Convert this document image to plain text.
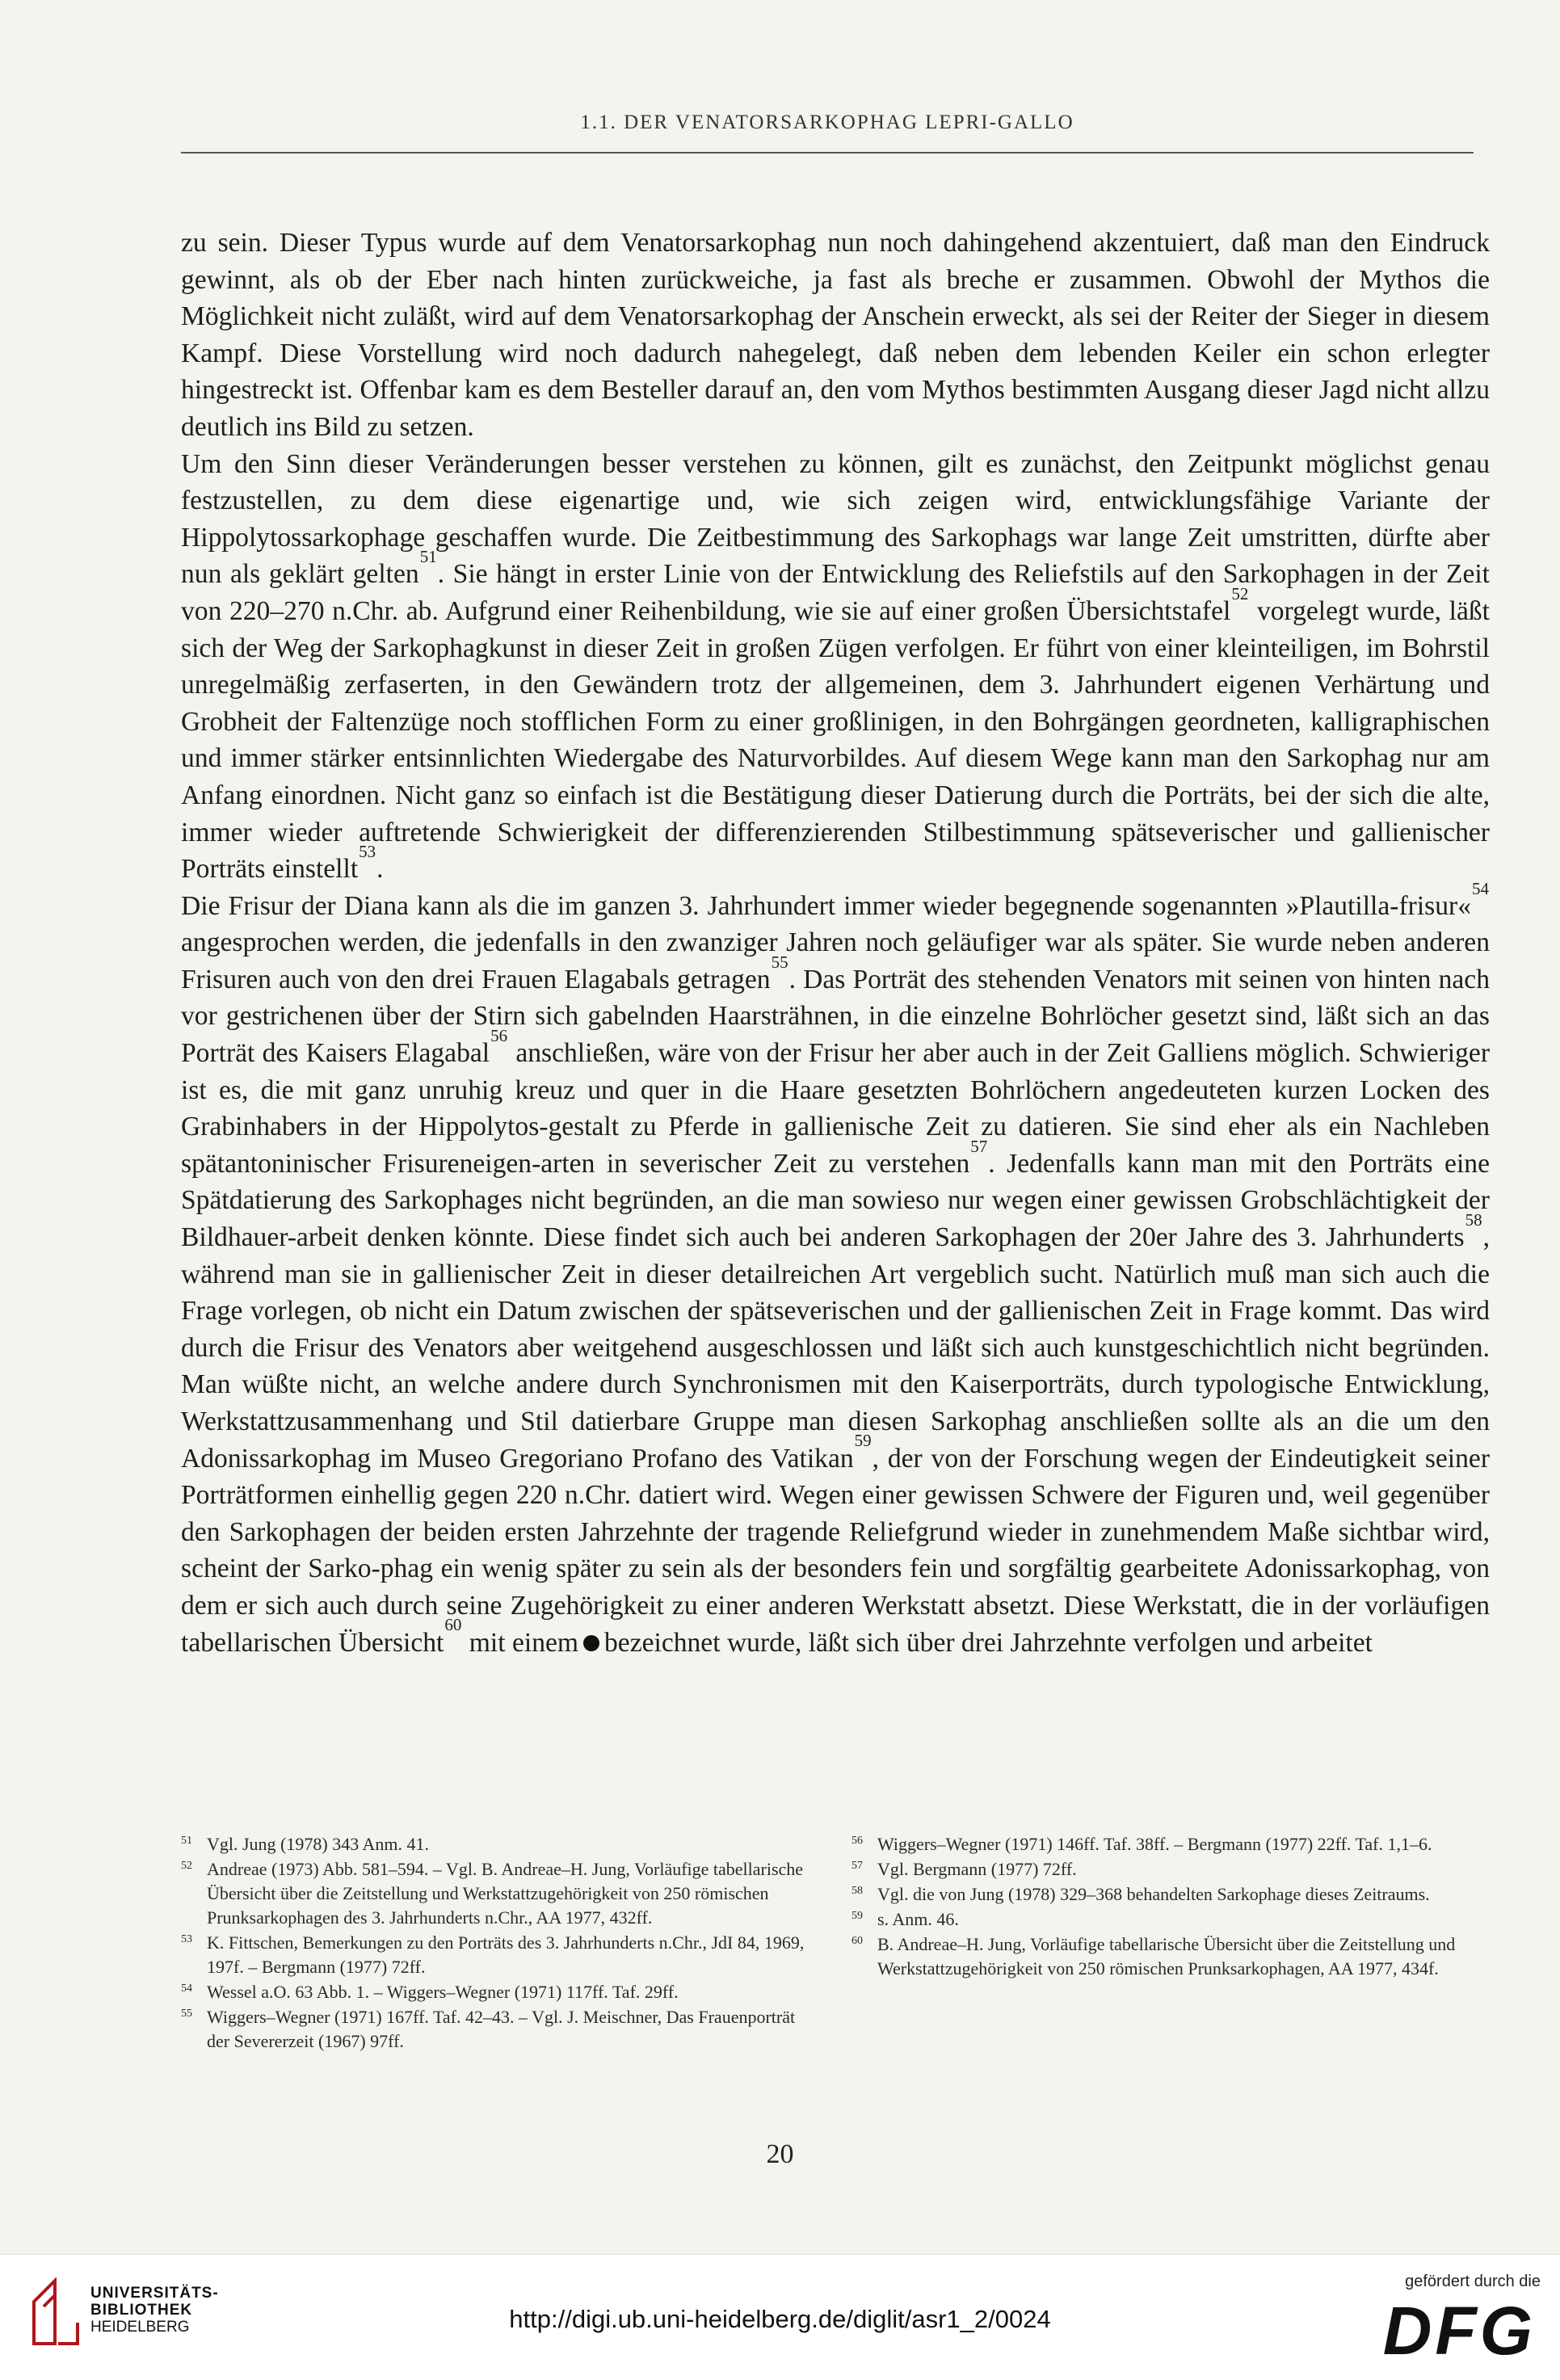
1.1. DER VENATORSARKOPHAG LEPRI-GALLO

zu sein. Dieser Typus wurde auf dem Venatorsarkophag nun noch dahingehend akzentuiert, daß man den Eindruck gewinnt, als ob der Eber nach hinten zurückweiche, ja fast als breche er zusammen. Obwohl der Mythos die Möglichkeit nicht zuläßt, wird auf dem Venatorsarkophag der Anschein erweckt, als sei der Reiter der Sieger in diesem Kampf. Diese Vorstellung wird noch dadurch nahegelegt, daß neben dem lebenden Keiler ein schon erlegter hingestreckt ist. Offenbar kam es dem Besteller darauf an, den vom Mythos bestimmten Ausgang dieser Jagd nicht allzu deutlich ins Bild zu setzen.

Um den Sinn dieser Veränderungen besser verstehen zu können, gilt es zunächst, den Zeitpunkt möglichst genau festzustellen, zu dem diese eigenartige und, wie sich zeigen wird, entwicklungsfähige Variante der Hippolytossarkophage geschaffen wurde. Die Zeitbestimmung des Sarkophags war lange Zeit umstritten, dürfte aber nun als geklärt gelten$^{51}$. Sie hängt in erster Linie von der Entwicklung des Reliefstils auf den Sarkophagen in der Zeit von 220–270 n.Chr. ab. Aufgrund einer Reihenbildung, wie sie auf einer großen Übersichtstafel$^{52}$ vorgelegt wurde, läßt sich der Weg der Sarkophagkunst in dieser Zeit in großen Zügen verfolgen. Er führt von einer kleinteiligen, im Bohrstil unregelmäßig zerfaserten, in den Gewändern trotz der allgemeinen, dem 3. Jahrhundert eigenen Verhärtung und Grobheit der Faltenzüge noch stofflichen Form zu einer großlinigen, in den Bohrgängen geordneten, kalligraphischen und immer stärker entsinnlichten Wiedergabe des Naturvorbildes. Auf diesem Wege kann man den Sarkophag nur am Anfang einordnen. Nicht ganz so einfach ist die Bestätigung dieser Datierung durch die Porträts, bei der sich die alte, immer wieder auftretende Schwierigkeit der differenzierenden Stilbestimmung spätseverischer und gallienischer Porträts einstellt$^{53}$.

Die Frisur der Diana kann als die im ganzen 3. Jahrhundert immer wieder begegnende sogenannten »Plautilla-frisur«$^{54}$ angesprochen werden, die jedenfalls in den zwanziger Jahren noch geläufiger war als später. Sie wurde neben anderen Frisuren auch von den drei Frauen Elagabals getragen$^{55}$. Das Porträt des stehenden Venators mit seinen von hinten nach vor gestrichenen über der Stirn sich gabelnden Haarsträhnen, in die einzelne Bohrlöcher gesetzt sind, läßt sich an das Porträt des Kaisers Elagabal$^{56}$ anschließen, wäre von der Frisur her aber auch in der Zeit Galliens möglich. Schwieriger ist es, die mit ganz unruhig kreuz und quer in die Haare gesetzten Bohrlöchern angedeuteten kurzen Locken des Grabinhabers in der Hippolytos-gestalt zu Pferde in gallienische Zeit zu datieren. Sie sind eher als ein Nachleben spätantoninischer Frisureneigen-arten in severischer Zeit zu verstehen$^{57}$. Jedenfalls kann man mit den Porträts eine Spätdatierung des Sarkophages nicht begründen, an die man sowieso nur wegen einer gewissen Grobschlächtigkeit der Bildhauer-arbeit denken könnte. Diese findet sich auch bei anderen Sarkophagen der 20er Jahre des 3. Jahrhunderts$^{58}$, während man sie in gallienischer Zeit in dieser detailreichen Art vergeblich sucht. Natürlich muß man sich auch die Frage vorlegen, ob nicht ein Datum zwischen der spätseverischen und der gallienischen Zeit in Frage kommt. Das wird durch die Frisur des Venators aber weitgehend ausgeschlossen und läßt sich auch kunstgeschichtlich nicht begründen. Man wüßte nicht, an welche andere durch Synchronismen mit den Kaiserporträts, durch typologische Entwicklung, Werkstattzusammenhang und Stil datierbare Gruppe man diesen Sarkophag anschließen sollte als an die um den Adonissarkophag im Museo Gregoriano Profano des Vatikan$^{59}$, der von der Forschung wegen der Eindeutigkeit seiner Porträtformen einhellig gegen 220 n.Chr. datiert wird. Wegen einer gewissen Schwere der Figuren und, weil gegenüber den Sarkophagen der beiden ersten Jahrzehnte der tragende Reliefgrund wieder in zunehmendem Maße sichtbar wird, scheint der Sarko-phag ein wenig später zu sein als der besonders fein und sorgfältig gearbeitete Adonissarkophag, von dem er sich auch durch seine Zugehörigkeit zu einer anderen Werkstatt absetzt. Diese Werkstatt, die in der vorläufigen tabellarischen Übersicht$^{60}$ mit einem bezeichnet wurde, läßt sich über drei Jahrzehnte verfolgen und arbeitet

51 Vgl. Jung (1978) 343 Anm. 41.
52 Andreae (1973) Abb. 581–594. – Vgl. B. Andreae–H. Jung, Vorläufige tabellarische Übersicht über die Zeitstellung und Werkstattzugehörigkeit von 250 römischen Prunksarkophagen des 3. Jahrhunderts n.Chr., AA 1977, 432ff.
53 K. Fittschen, Bemerkungen zu den Porträts des 3. Jahrhunderts n.Chr., JdI 84, 1969, 197f. – Bergmann (1977) 72ff.
54 Wessel a.O. 63 Abb. 1. – Wiggers–Wegner (1971) 117ff. Taf. 29ff.
55 Wiggers–Wegner (1971) 167ff. Taf. 42–43. – Vgl. J. Meischner, Das Frauenporträt der Severerzeit (1967) 97ff.
56 Wiggers–Wegner (1971) 146ff. Taf. 38ff. – Bergmann (1977) 22ff. Taf. 1,1–6.
57 Vgl. Bergmann (1977) 72ff.
58 Vgl. die von Jung (1978) 329–368 behandelten Sarkophage dieses Zeitraums.
59 s. Anm. 46.
60 B. Andreae–H. Jung, Vorläufige tabellarische Übersicht über die Zeitstellung und Werkstattzugehörigkeit von 250 römischen Prunksarkophagen, AA 1977, 434f.
20
UNIVERSITÄTS-
BIBLIOTHEK
HEIDELBERG	http://digi.ub.uni-heidelberg.de/diglit/asr1_2/0024
gefördert durch die
DFG
